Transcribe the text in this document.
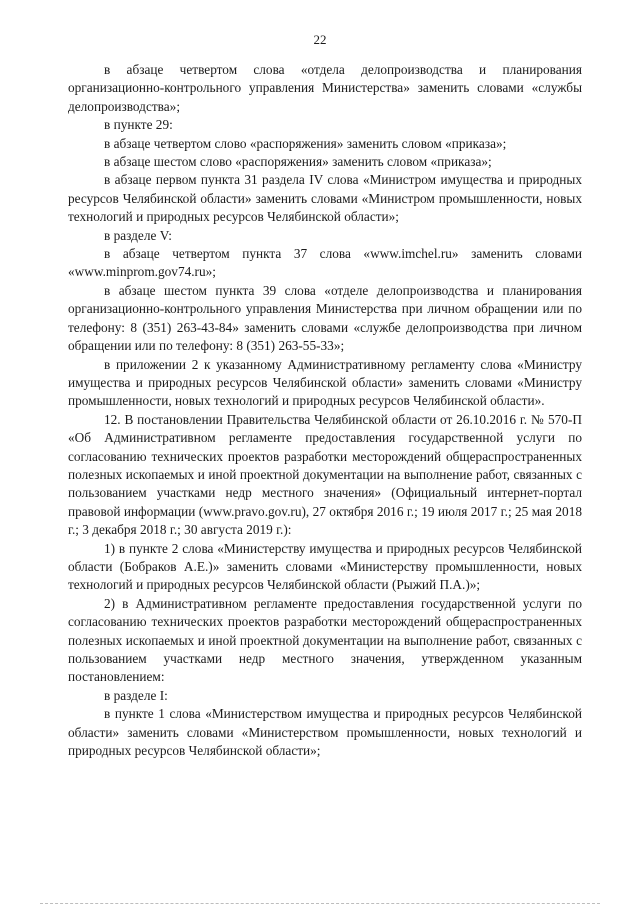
22

в абзаце четвертом слова «отдела делопроизводства и планирования организационно-контрольного управления Министерства» заменить словами «службы делопроизводства»;

в пункте 29:

в абзаце четвертом слово «распоряжения» заменить словом «приказа»;

в абзаце шестом слово «распоряжения» заменить словом «приказа»;

в абзаце первом пункта 31 раздела IV слова «Министром имущества и природных ресурсов Челябинской области» заменить словами «Министром промышленности, новых технологий и природных ресурсов Челябинской области»;

в разделе V:

в абзаце четвертом пункта 37 слова «www.imchel.ru» заменить словами «www.minprom.gov74.ru»;

в абзаце шестом пункта 39 слова «отделе делопроизводства и планирования организационно-контрольного управления Министерства при личном обращении или по телефону: 8 (351) 263-43-84» заменить словами «службе делопроизводства при личном обращении или по телефону: 8 (351) 263-55-33»;

в приложении 2 к указанному Административному регламенту слова «Министру имущества и природных ресурсов Челябинской области» заменить словами «Министру промышленности, новых технологий и природных ресурсов Челябинской области».

12. В постановлении Правительства Челябинской области от 26.10.2016 г. № 570-П «Об Административном регламенте предоставления государственной услуги по согласованию технических проектов разработки месторождений общераспространенных полезных ископаемых и иной проектной документации на выполнение работ, связанных с пользованием участками недр местного значения» (Официальный интернет-портал правовой информации (www.pravo.gov.ru), 27 октября 2016 г.; 19 июля 2017 г.; 25 мая 2018 г.; 3 декабря 2018 г.; 30 августа 2019 г.):

1) в пункте 2 слова «Министерству имущества и природных ресурсов Челябинской области (Бобраков А.Е.)» заменить словами «Министерству промышленности, новых технологий и природных ресурсов Челябинской области (Рыжий П.А.)»;

2) в Административном регламенте предоставления государственной услуги по согласованию технических проектов разработки месторождений общераспространенных полезных ископаемых и иной проектной документации на выполнение работ, связанных с пользованием участками недр местного значения, утвержденном указанным постановлением:

в разделе I:

в пункте 1 слова «Министерством имущества и природных ресурсов Челябинской области» заменить словами «Министерством промышленности, новых технологий и природных ресурсов Челябинской области»;
